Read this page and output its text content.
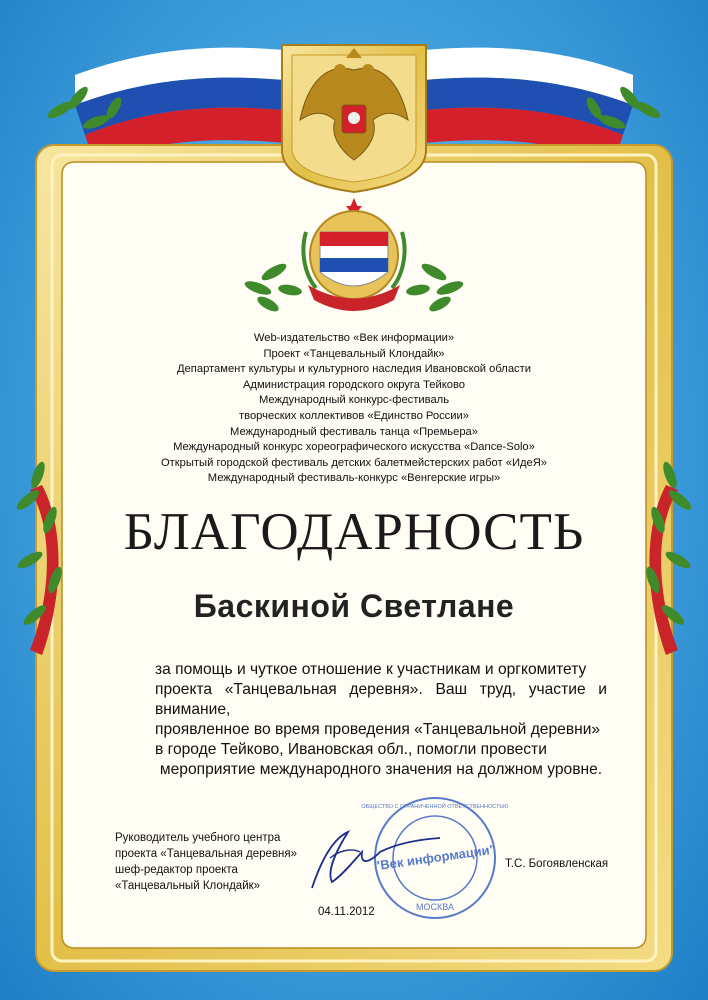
"Век информации"
МОСКВА
ОБЩЕСТВО С ОГРАНИЧЕННОЙ ОТВЕТСТВЕННОСТЬЮ
Web-издательство «Век информации»
Проект «Танцевальный Клондайк»
Департамент культуры и культурного наследия Ивановской области
Администрация городского округа Тейково
Международный конкурс-фестиваль
творческих коллективов «Единство России»
Международный фестиваль танца «Премьера»
Международный конкурс хореографического искусства «Dance-Solo»
Открытый городской фестиваль детских балетмейстерских работ «ИдеЯ»
Международный фестиваль-конкурс «Венгерские игры»
БЛАГОДАРНОСТЬ
Баскиной Светлане
за помощь и чуткое отношение к участникам и оргкомитету
проекта «Танцевальная деревня». Ваш труд, участие и внимание,
проявленное во время проведения «Танцевальной деревни»
в городе Тейково, Ивановская обл., помогли провести
мероприятие международного значения на должном уровне.
Руководитель учебного центра
проекта «Танцевальная деревня»
шеф-редактор проекта
«Танцевальный Клондайк»
Т.С. Богоявленская
04.11.2012
